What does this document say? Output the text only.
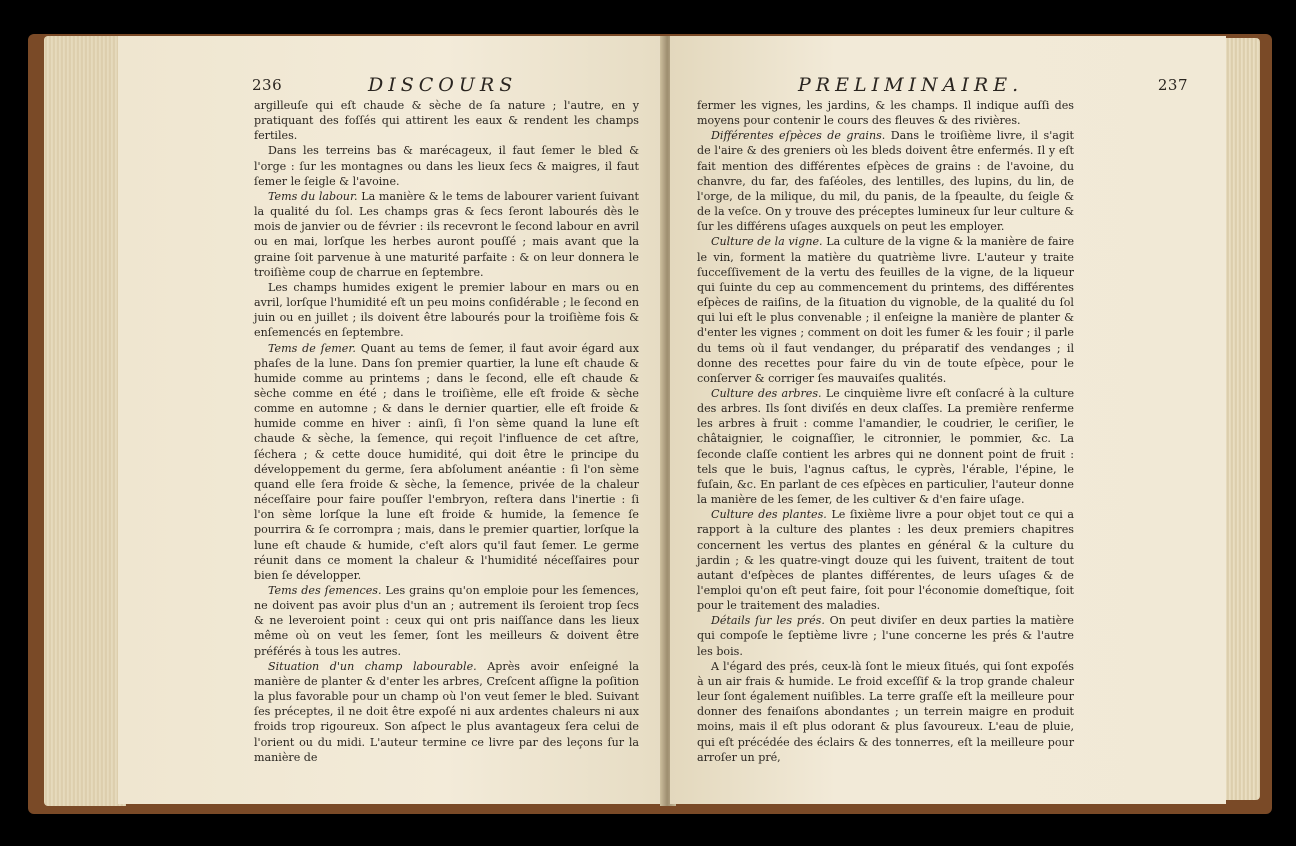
236	DISCOURS

argilleuſe qui eſt chaude & sèche de ſa nature ; l'autre, en y pratiquant des foſſés qui attirent les eaux & rendent les champs fertiles.

Dans les terreins bas & marécageux, il faut ſemer le bled & l'orge : ſur les montagnes ou dans les lieux ſecs & maigres, il faut ſemer le ſeigle & l'avoine.

Tems du labour. La manière & le tems de labourer varient ſuivant la qualité du ſol. Les champs gras & ſecs ſeront labourés dès le mois de janvier ou de février : ils recevront le ſecond labour en avril ou en mai, lorſque les herbes auront pouſſé ; mais avant que la graine ſoit parvenue à une maturité parfaite : & on leur donnera le troiſième coup de charrue en ſeptembre.

Les champs humides exigent le premier labour en mars ou en avril, lorſque l'humidité eſt un peu moins conſidérable ; le ſecond en juin ou en juillet ; ils doivent être labourés pour la troiſième fois & enſemencés en ſeptembre.

Tems de ſemer. Quant au tems de ſemer, il faut avoir égard aux phaſes de la lune. Dans ſon premier quartier, la lune eſt chaude & humide comme au printems ; dans le ſecond, elle eſt chaude & sèche comme en été ; dans le troiſième, elle eſt froide & sèche comme en automne ; & dans le dernier quartier, elle eſt froide & humide comme en hiver : ainſi, ſi l'on sème quand la lune eſt chaude & sèche, la ſemence, qui reçoit l'influence de cet aſtre, ſéchera ; & cette douce humidité, qui doit être le principe du développement du germe, ſera abſolument anéantie : ſi l'on sème quand elle ſera froide & sèche, la ſemence, privée de la chaleur néceſſaire pour faire pouſſer l'embryon, reſtera dans l'inertie : ſi l'on sème lorſque la lune eſt froide & humide, la ſemence ſe pourrira & ſe corrompra ; mais, dans le premier quartier, lorſque la lune eſt chaude & humide, c'eſt alors qu'il faut ſemer. Le germe réunit dans ce moment la chaleur & l'humidité néceſſaires pour bien ſe développer.

Tems des ſemences. Les grains qu'on emploie pour les ſemences, ne doivent pas avoir plus d'un an ; autrement ils ſeroient trop ſecs & ne leveroient point : ceux qui ont pris naiſſance dans les lieux même où on veut les ſemer, ſont les meilleurs & doivent être préférés à tous les autres.

Situation d'un champ labourable. Après avoir enſeigné la manière de planter & d'enter les arbres, Creſcent aſſigne la poſition la plus favorable pour un champ où l'on veut ſemer le bled. Suivant ſes préceptes, il ne doit être expoſé ni aux ardentes chaleurs ni aux froids trop rigoureux. Son aſpect le plus avantageux ſera celui de l'orient ou du midi. L'auteur termine ce livre par des leçons ſur la manière de

PRELIMINAIRE.	237

fermer les vignes, les jardins, & les champs. Il indique auſſi des moyens pour contenir le cours des fleuves & des rivières.

Différentes eſpèces de grains. Dans le troiſième livre, il s'agit de l'aire & des greniers où les bleds doivent être enfermés. Il y eſt fait mention des différentes eſpèces de grains : de l'avoine, du chanvre, du far, des faſéoles, des lentilles, des lupins, du lin, de l'orge, de la milique, du mil, du panis, de la ſpeaulte, du ſeigle & de la veſce. On y trouve des préceptes lumineux ſur leur culture & ſur les différens uſages auxquels on peut les employer.

Culture de la vigne. La culture de la vigne & la manière de faire le vin, forment la matière du quatrième livre. L'auteur y traite ſucceſſivement de la vertu des feuilles de la vigne, de la liqueur qui ſuinte du cep au commencement du printems, des différentes eſpèces de raiſins, de la ſituation du vignoble, de la qualité du ſol qui lui eſt le plus convenable ; il enſeigne la manière de planter & d'enter les vignes ; comment on doit les fumer & les fouir ; il parle du tems où il faut vendanger, du préparatif des vendanges ; il donne des recettes pour faire du vin de toute eſpèce, pour le conſerver & corriger ſes mauvaiſes qualités.

Culture des arbres. Le cinquième livre eſt conſacré à la culture des arbres. Ils ſont diviſés en deux claſſes. La première renferme les arbres à fruit : comme l'amandier, le coudrier, le ceriſier, le châtaignier, le coignaſſier, le citronnier, le pommier, &c. La ſeconde claſſe contient les arbres qui ne donnent point de fruit : tels que le buis, l'agnus caſtus, le cyprès, l'érable, l'épine, le fuſain, &c. En parlant de ces eſpèces en particulier, l'auteur donne la manière de les ſemer, de les cultiver & d'en faire uſage.

Culture des plantes. Le ſixième livre a pour objet tout ce qui a rapport à la culture des plantes : les deux premiers chapitres concernent les vertus des plantes en général & la culture du jardin ; & les quatre-vingt douze qui les ſuivent, traitent de tout autant d'eſpèces de plantes différentes, de leurs uſages & de l'emploi qu'on eſt peut faire, ſoit pour l'économie domeſtique, ſoit pour le traitement des maladies.

Détails ſur les prés. On peut diviſer en deux parties la matière qui compoſe le ſeptième livre ; l'une concerne les prés & l'autre les bois.

A l'égard des prés, ceux-là ſont le mieux ſitués, qui ſont expoſés à un air frais & humide. Le froid exceſſif & la trop grande chaleur leur ſont également nuiſibles. La terre graſſe eſt la meilleure pour donner des fenaiſons abondantes ; un terrein maigre en produit moins, mais il eſt plus odorant & plus ſavoureux. L'eau de pluie, qui eſt précédée des éclairs & des tonnerres, eſt la meilleure pour arroſer un pré,
